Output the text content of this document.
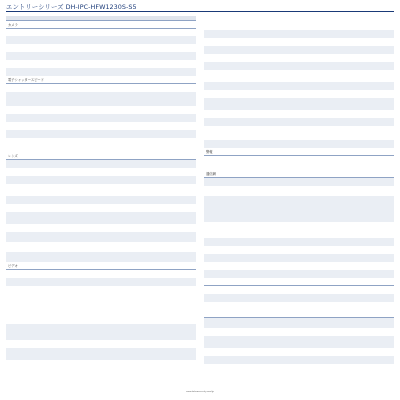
エントリーシリーズ DH-IPC-HFW1230S-S5
カメラ
電子シャッタースピード
レンズ
ビデオ
警報
通信網
www.dahuasecurity.com/jp
